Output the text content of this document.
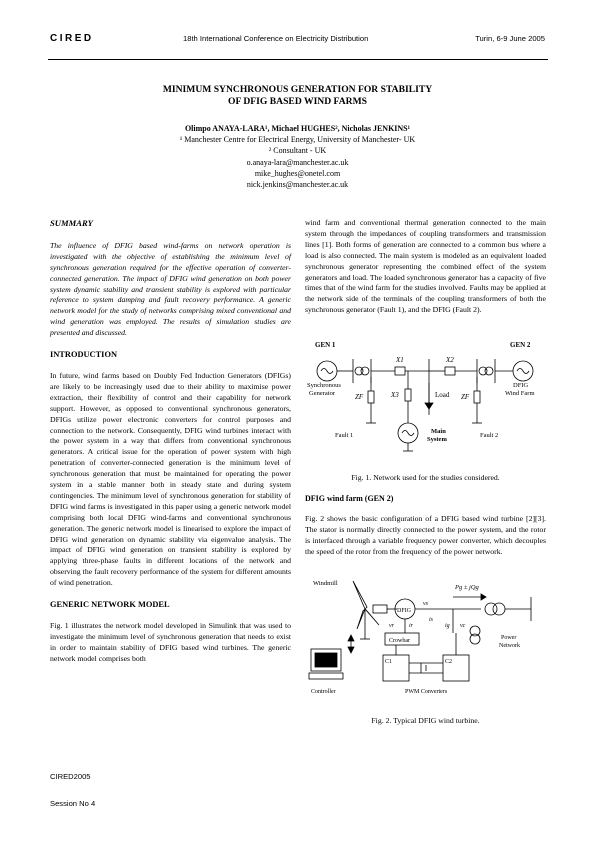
CIRED	18th International Conference on Electricity Distribution	Turin, 6-9 June 2005
MINIMUM SYNCHRONOUS GENERATION FOR STABILITY
OF DFIG BASED WIND FARMS
Olimpo ANAYA-LARA¹, Michael HUGHES², Nicholas JENKINS¹
¹ Manchester Centre for Electrical Energy, University of Manchester- UK
² Consultant - UK
o.anaya-lara@manchester.ac.uk
mike_hughes@onetel.com
nick.jenkins@manchester.ac.uk
SUMMARY

The influence of DFIG based wind-farms on network operation is investigated with the objective of establishing the minimum level of synchronous generation required for the effective operation of converter-connected generation. The impact of DFIG wind generation on both power system dynamic stability and transient stability is explored with particular reference to system damping and fault recovery performance. A generic network model for the study of networks comprising mixed conventional and wind generation was employed. The results of simulation studies are presented and discussed.

INTRODUCTION

In future, wind farms based on Doubly Fed Induction Generators (DFIGs) are likely to be increasingly used due to their ability to maximise power extraction, their flexibility of control and their capability for network support. However, as opposed to conventional synchronous generators, DFIGs utilize power electronic converters for control purposes and connection to the network. Consequently, DFIG wind turbines interact with the power system in a way that differs from conventional synchronous generators. A critical issue for the operation of power system with high penetration of converter-connected generation is the minimum level of synchronous generation that must be maintained for operating the power system in a stable manner both in steady state and during system contingencies. The minimum level of synchronous generation for stability of DFIG wind farms is investigated in this paper using a generic network model comprising both local DFIG wind-farms and conventional synchronous generation. The generic network model is linearised to explore the impact of DFIG wind generation on dynamic stability via eigenvalue analysis. The impact of DFIG wind generation on transient stability is explored by applying three-phase faults in different locations of the network and observing the fault recovery performance of the system for different amounts of wind penetration.

GENERIC NETWORK MODEL

Fig. 1 illustrates the network model developed in Simulink that was used to investigate the minimum level of synchronous generation that needs to exist in order to maintain stability of DFIG based wind turbines. The generic network model comprises both

wind farm and conventional thermal generation connected to the main system through the impedances of coupling transformers and transmission lines [1]. Both forms of generation are connected to a common bus where a load is also connected. The main system is modeled as an equivalent loaded synchronous generator representing the combined effect of the system generators and load. The loaded synchronous generator has a capacity of five times that of the wind farm for the studies involved. Faults may be applied at the network side of the terminals of the coupling transformers of both the synchronous generator (Fault 1), and the DFIG (Fault 2).

GEN 1	GEN 2
X1	X2
X3
ZF	ZF
Load
Synchronous Generator
DFIG Wind Farm
Fault 1	Fault 2
Main System

Fig. 1. Network used for the studies considered.

DFIG wind farm (GEN 2)

Fig. 2 shows the basic configuration of a DFIG based wind turbine [2][3]. The stator is normally directly connected to the power system, and the rotor is interfaced through a variable frequency power converter, which decouples the speed of the rotor from the frequency of the power network.

Windmill
Pg ± jQg
DFIG
vs
vr	ir
is
ig vc
Crowbar
C1	C2
Power Network
Controller	PWM Converters

Fig. 2. Typical DFIG wind turbine.

CIRED2005
Session No 4
